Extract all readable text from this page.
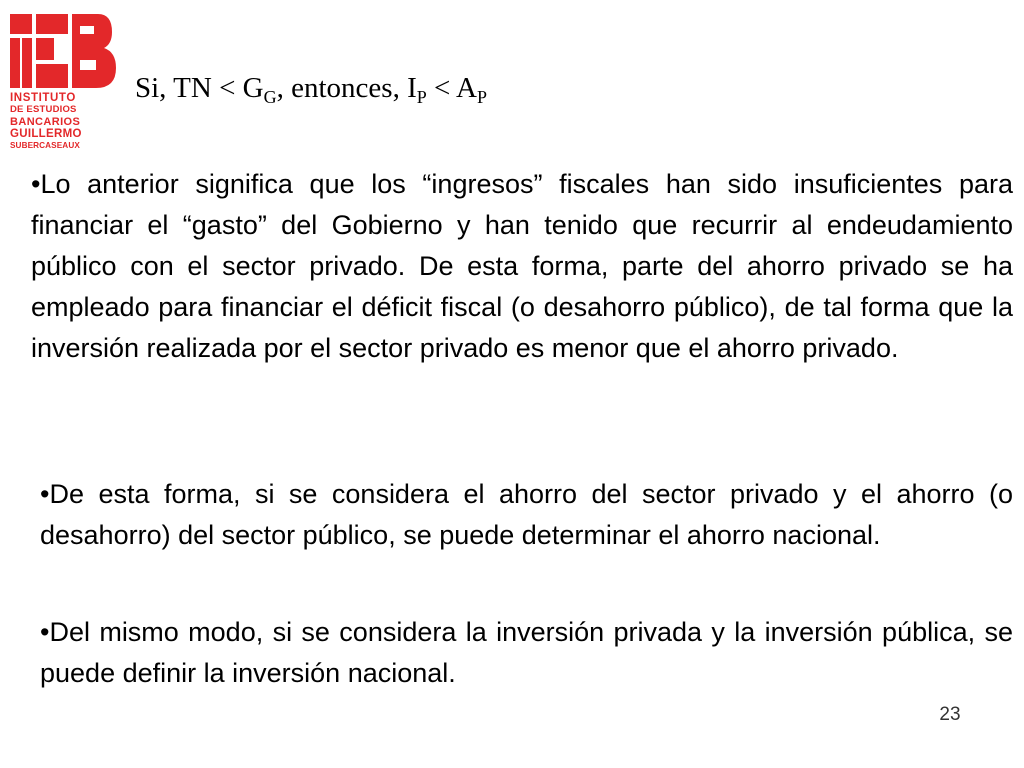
INSTITUTO
DE ESTUDIOS
BANCARIOS
GUILLERMO
SUBERCASEAUX
Si, TN < $G_G$, entonces, $I_P < A_P$

•Lo anterior significa que los “ingresos” fiscales han sido insuficientes para financiar el “gasto” del Gobierno y han tenido que recurrir al endeudamiento público con el sector privado. De esta forma, parte del ahorro privado se ha empleado para financiar el déficit fiscal (o desahorro público), de tal forma que la inversión realizada por el sector privado es menor que el ahorro privado.

•De esta forma, si se considera el ahorro del sector privado y el ahorro (o desahorro) del sector público, se puede determinar el ahorro nacional.

•Del mismo modo, si se considera la inversión privada y la inversión pública, se puede definir la inversión nacional.

23
